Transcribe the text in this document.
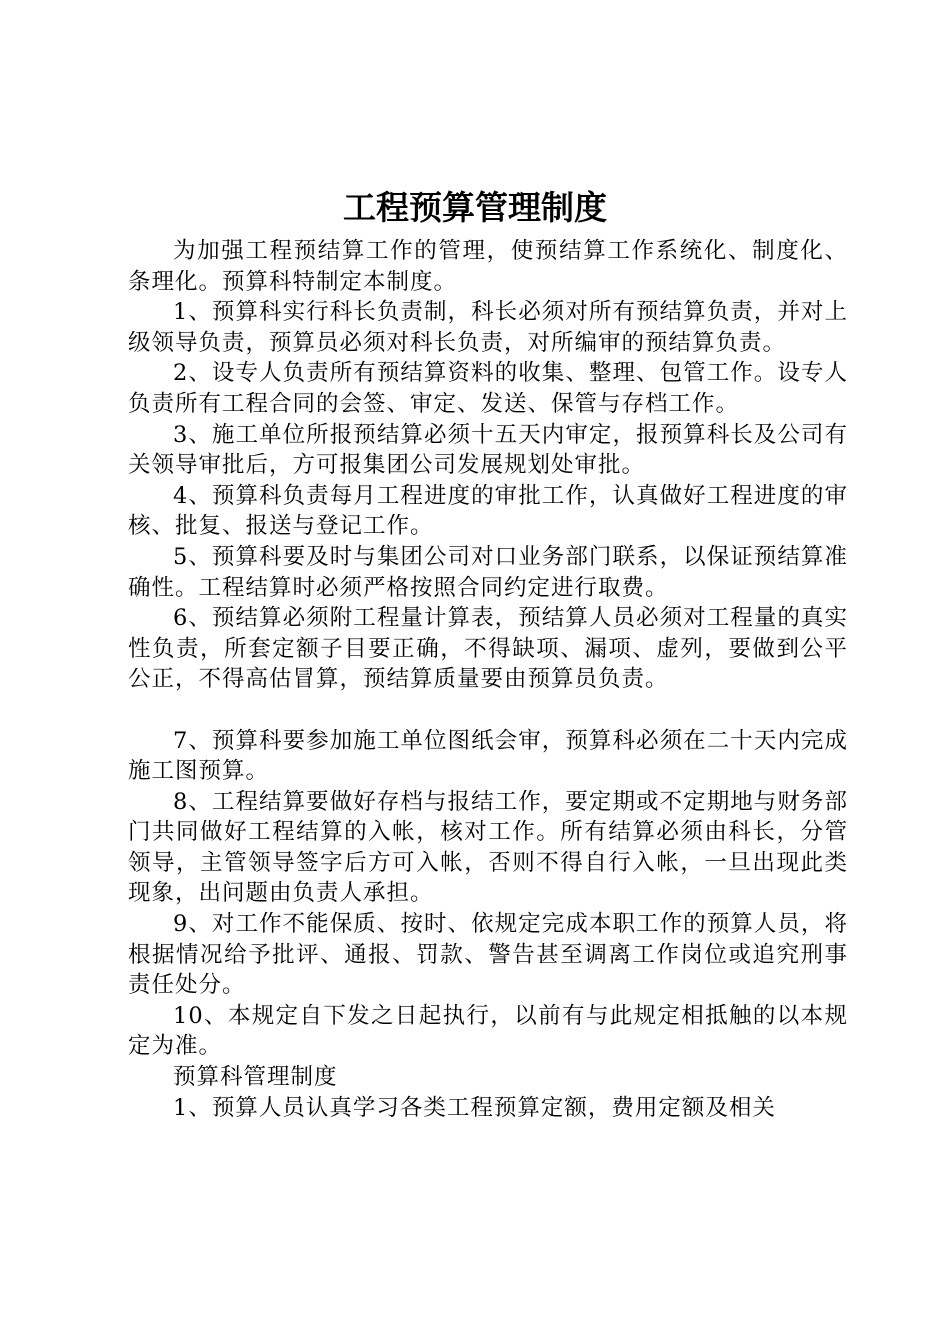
工程预算管理制度

为加强工程预结算工作的管理，使预结算工作系统化、制度化、条理化。预算科特制定本制度。

1、预算科实行科长负责制，科长必须对所有预结算负责，并对上级领导负责，预算员必须对科长负责，对所编审的预结算负责。

2、设专人负责所有预结算资料的收集、整理、包管工作。设专人负责所有工程合同的会签、审定、发送、保管与存档工作。

3、施工单位所报预结算必须十五天内审定，报预算科长及公司有关领导审批后，方可报集团公司发展规划处审批。

4、预算科负责每月工程进度的审批工作，认真做好工程进度的审核、批复、报送与登记工作。

5、预算科要及时与集团公司对口业务部门联系，以保证预结算准确性。工程结算时必须严格按照合同约定进行取费。

6、预结算必须附工程量计算表，预结算人员必须对工程量的真实性负责，所套定额子目要正确，不得缺项、漏项、虚列，要做到公平公正，不得高估冒算，预结算质量要由预算员负责。

7、预算科要参加施工单位图纸会审，预算科必须在二十天内完成施工图预算。

8、工程结算要做好存档与报结工作，要定期或不定期地与财务部门共同做好工程结算的入帐，核对工作。所有结算必须由科长，分管领导，主管领导签字后方可入帐，否则不得自行入帐，一旦出现此类现象，出问题由负责人承担。

9、对工作不能保质、按时、依规定完成本职工作的预算人员，将根据情况给予批评、通报、罚款、警告甚至调离工作岗位或追究刑事责任处分。

10、本规定自下发之日起执行，以前有与此规定相抵触的以本规定为准。

预算科管理制度

1、预算人员认真学习各类工程预算定额，费用定额及相关
